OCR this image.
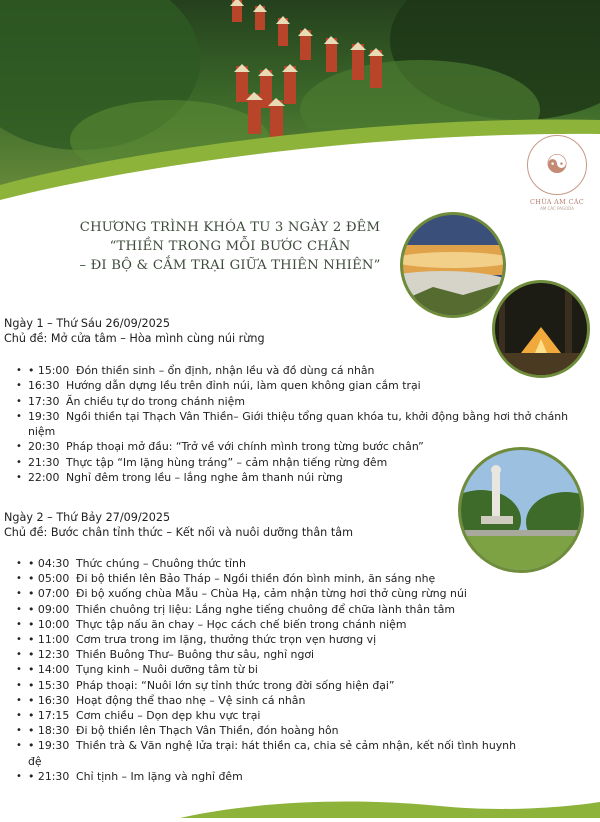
☯
CHÙA AM CÁC
AM CÁC PAGODA
CHƯƠNG TRÌNH KHÓA TU 3 NGÀY 2 ĐÊM
“THIỀN TRONG MỖI BƯỚC CHÂN
– ĐI BỘ & CẮM TRẠI GIỮA THIÊN NHIÊN”
Ngày 1 – Thứ Sáu 26/09/2025
Chủ đề: Mở cửa tâm – Hòa mình cùng núi rừng
• • 15:00 Đón thiền sinh – ổn định, nhận lều và đồ dùng cá nhân
• 16:30 Hướng dẫn dựng lều trên đỉnh núi, làm quen không gian cắm trại
• 17:30 Ăn chiều tự do trong chánh niệm
• 19:30 Ngồi thiền tại Thạch Vân Thiền– Giới thiệu tổng quan khóa tu, khởi động bằng hơi thở chánh niệm
• 20:30 Pháp thoại mở đầu: “Trở về với chính mình trong từng bước chân”
• 21:30 Thực tập “Im lặng hùng tráng” – cảm nhận tiếng rừng đêm
• 22:00 Nghỉ đêm trong lều – lắng nghe âm thanh núi rừng
Ngày 2 – Thứ Bảy 27/09/2025
Chủ đề: Bước chân tỉnh thức – Kết nối và nuôi dưỡng thân tâm
• • 04:30 Thức chúng – Chuông thức tỉnh
• • 05:00 Đi bộ thiền lên Bảo Tháp – Ngồi thiền đón bình minh, ăn sáng nhẹ
• • 07:00 Đi bộ xuống chùa Mẫu – Chùa Hạ, cảm nhận từng hơi thở cùng rừng núi
• • 09:00 Thiền chuông trị liệu: Lắng nghe tiếng chuông để chữa lành thân tâm
• • 10:00 Thực tập nấu ăn chay – Học cách chế biến trong chánh niệm
• • 11:00 Cơm trưa trong im lặng, thưởng thức trọn vẹn hương vị
• • 12:30 Thiền Buông Thư– Buông thư sâu, nghỉ ngơi
• • 14:00 Tụng kinh – Nuôi dưỡng tâm từ bi
• • 15:30 Pháp thoại: “Nuôi lớn sự tỉnh thức trong đời sống hiện đại”
• • 16:30 Hoạt động thể thao nhẹ – Vệ sinh cá nhân
• • 17:15 Cơm chiều – Dọn dẹp khu vực trại
• • 18:30 Đi bộ thiền lên Thạch Vân Thiền, đón hoàng hôn
• • 19:30 Thiền trà & Văn nghệ lửa trại: hát thiền ca, chia sẻ cảm nhận, kết nối tình huynh đệ
• • 21:30 Chỉ tịnh – Im lặng và nghỉ đêm
